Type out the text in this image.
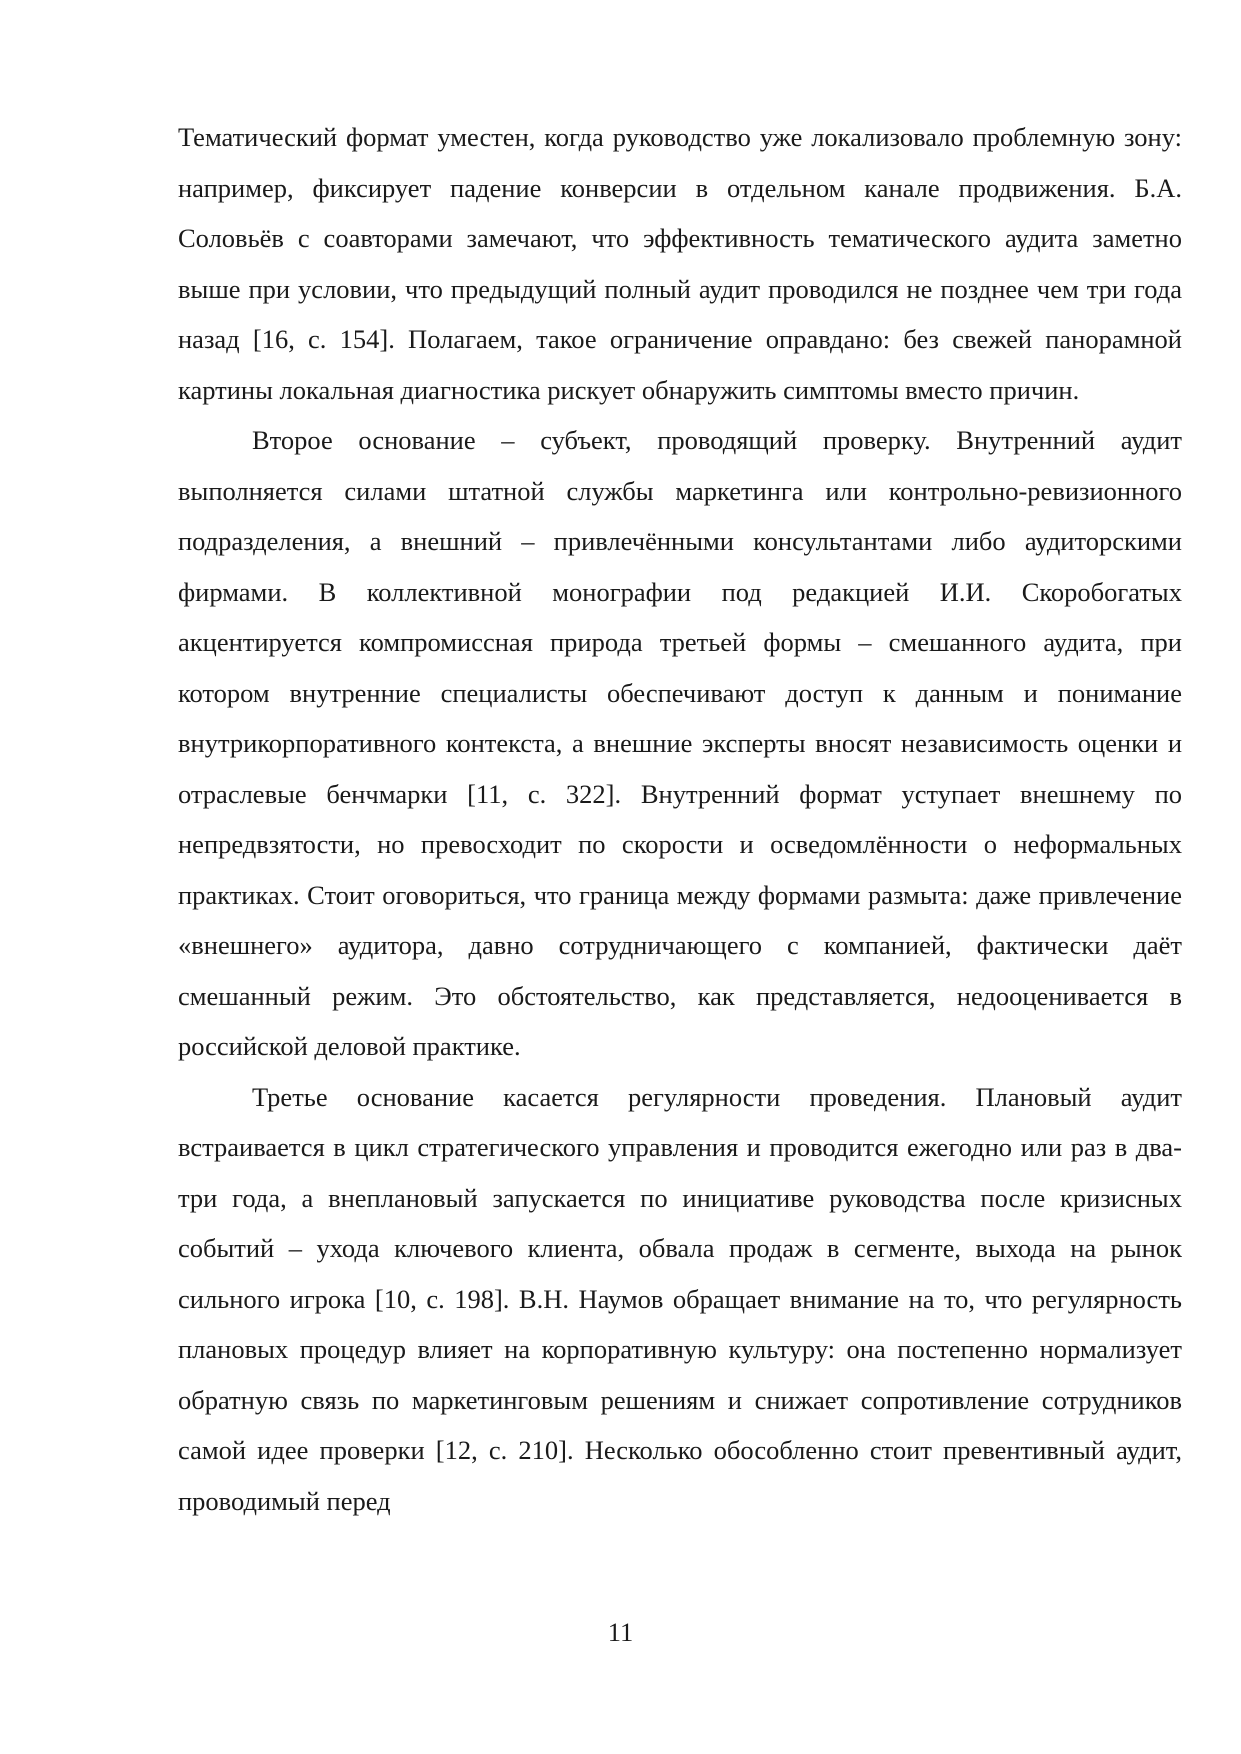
Тематический формат уместен, когда руководство уже локализовало проблемную зону: например, фиксирует падение конверсии в отдельном канале продвижения. Б.А. Соловьёв с соавторами замечают, что эффективность тематического аудита заметно выше при условии, что предыдущий полный аудит проводился не позднее чем три года назад [16, с. 154]. Полагаем, такое ограничение оправдано: без свежей панорамной картины локальная диагностика рискует обнаружить симптомы вместо причин.

Второе основание – субъект, проводящий проверку. Внутренний аудит выполняется силами штатной службы маркетинга или контрольно-ревизионного подразделения, а внешний – привлечёнными консультантами либо аудиторскими фирмами. В коллективной монографии под редакцией И.И. Скоробогатых акцентируется компромиссная природа третьей формы – смешанного аудита, при котором внутренние специалисты обеспечивают доступ к данным и понимание внутрикорпоративного контекста, а внешние эксперты вносят независимость оценки и отраслевые бенчмарки [11, с. 322]. Внутренний формат уступает внешнему по непредвзятости, но превосходит по скорости и осведомлённости о неформальных практиках. Стоит оговориться, что граница между формами размыта: даже привлечение «внешнего» аудитора, давно сотрудничающего с компанией, фактически даёт смешанный режим. Это обстоятельство, как представляется, недооценивается в российской деловой практике.

Третье основание касается регулярности проведения. Плановый аудит встраивается в цикл стратегического управления и проводится ежегодно или раз в два-три года, а внеплановый запускается по инициативе руководства после кризисных событий – ухода ключевого клиента, обвала продаж в сегменте, выхода на рынок сильного игрока [10, с. 198]. В.Н. Наумов обращает внимание на то, что регулярность плановых процедур влияет на корпоративную культуру: она постепенно нормализует обратную связь по маркетинговым решениям и снижает сопротивление сотрудников самой идее проверки [12, с. 210]. Несколько обособленно стоит превентивный аудит, проводимый перед

11
